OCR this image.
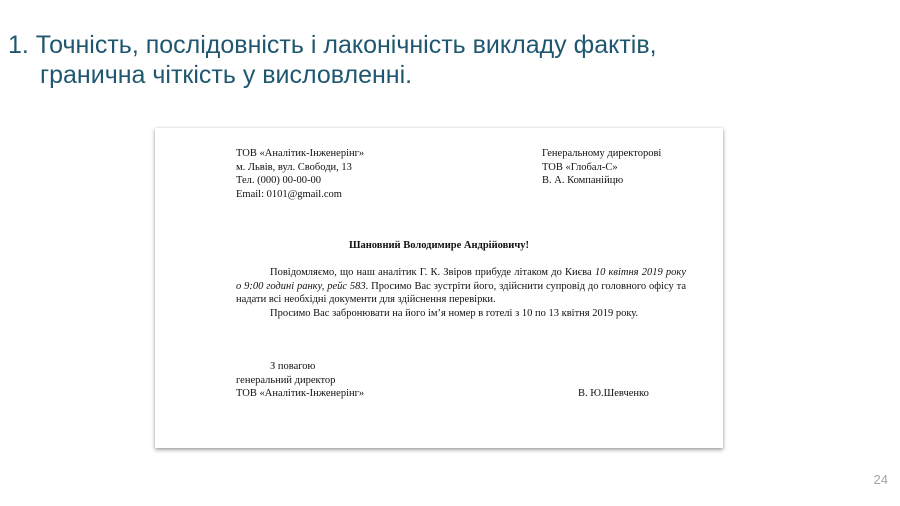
1. Точність, послідовність і лаконічність викладу фактів,
гранична чіткість у висловленні.
ТОВ «Аналітик-Інженерінг»
м. Львів, вул. Свободи, 13
Тел. (000) 00-00-00
Email: 0101@gmail.com
Генеральному директорові
ТОВ «Глобал-С»
В. А. Компанійцю
Шановний Володимире Андрійовичу!

Повідомляємо, що наш аналітик Г. К. Звіров прибуде літаком до Києва 10 квітня 2019 року о 9:00 годині ранку, рейс 583. Просимо Вас зустріти його, здійснити супровід до головного офісу та надати всі необхідні документи для здійснення перевірки.

Просимо Вас забронювати на його ім’я номер в готелі з 10 по 13 квітня 2019 року.

З повагою
генеральний директор
ТОВ «Аналітик-Інженерінг»	В. Ю.Шевченко
24
